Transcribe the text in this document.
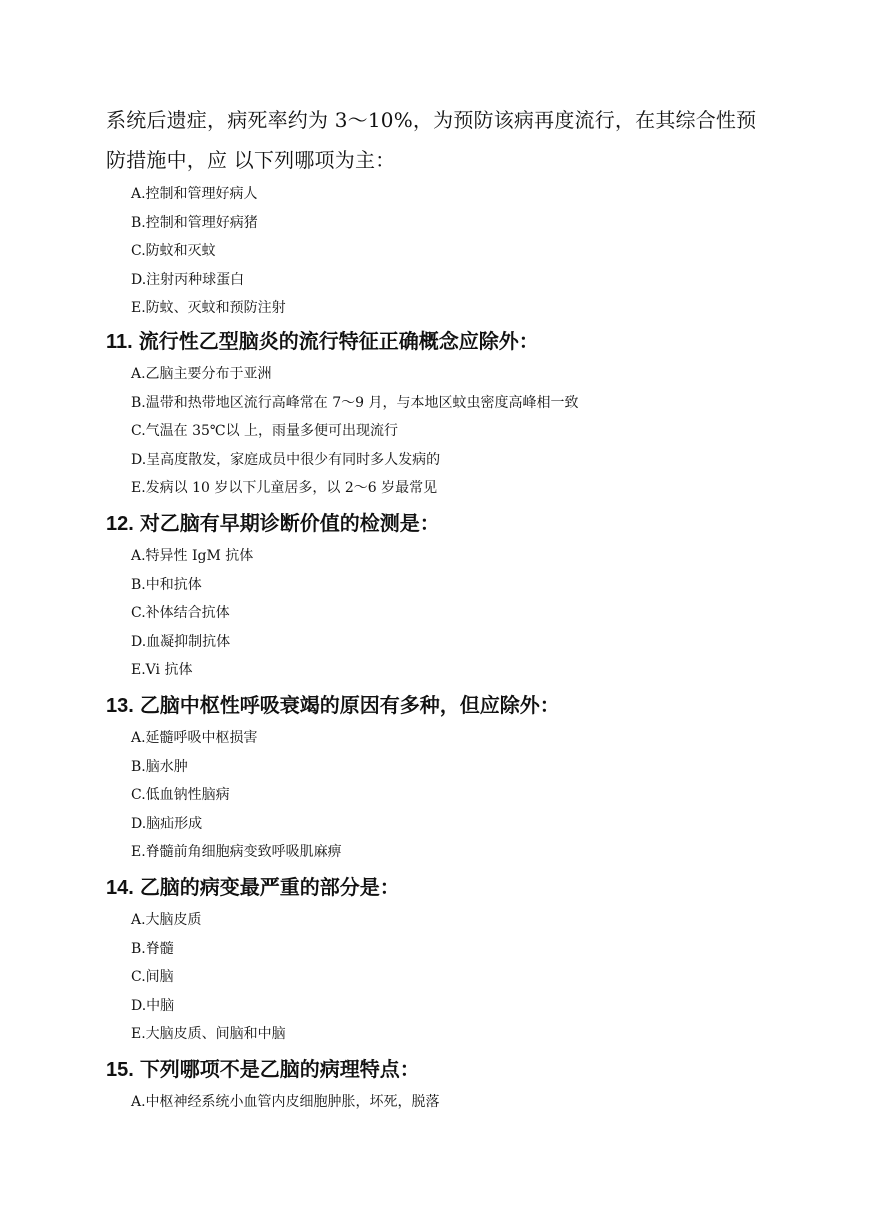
系统后遗症，病死率约为 3～10%，为预防该病再度流行，在其综合性预
防措施中，应 以下列哪项为主：

A.控制和管理好病人
B.控制和管理好病猪
C.防蚊和灭蚊
D.注射丙种球蛋白
E.防蚊、灭蚊和预防注射
11. 流行性乙型脑炎的流行特征正确概念应除外：
A.乙脑主要分布于亚洲
B.温带和热带地区流行高峰常在 7～9 月，与本地区蚊虫密度高峰相一致
C.气温在 35℃以 上，雨量多便可出现流行
D.呈高度散发，家庭成员中很少有同时多人发病的
E.发病以 10 岁以下儿童居多，以 2～6 岁最常见
12. 对乙脑有早期诊断价值的检测是：
A.特异性 IgM 抗体
B.中和抗体
C.补体结合抗体
D.血凝抑制抗体
E.Vi 抗体
13. 乙脑中枢性呼吸衰竭的原因有多种，但应除外：
A.延髓呼吸中枢损害
B.脑水肿
C.低血钠性脑病
D.脑疝形成
E.脊髓前角细胞病变致呼吸肌麻痹
14. 乙脑的病变最严重的部分是：
A.大脑皮质
B.脊髓
C.间脑
D.中脑
E.大脑皮质、间脑和中脑
15. 下列哪项不是乙脑的病理特点：
A.中枢神经系统小血管内皮细胞肿胀，坏死，脱落
